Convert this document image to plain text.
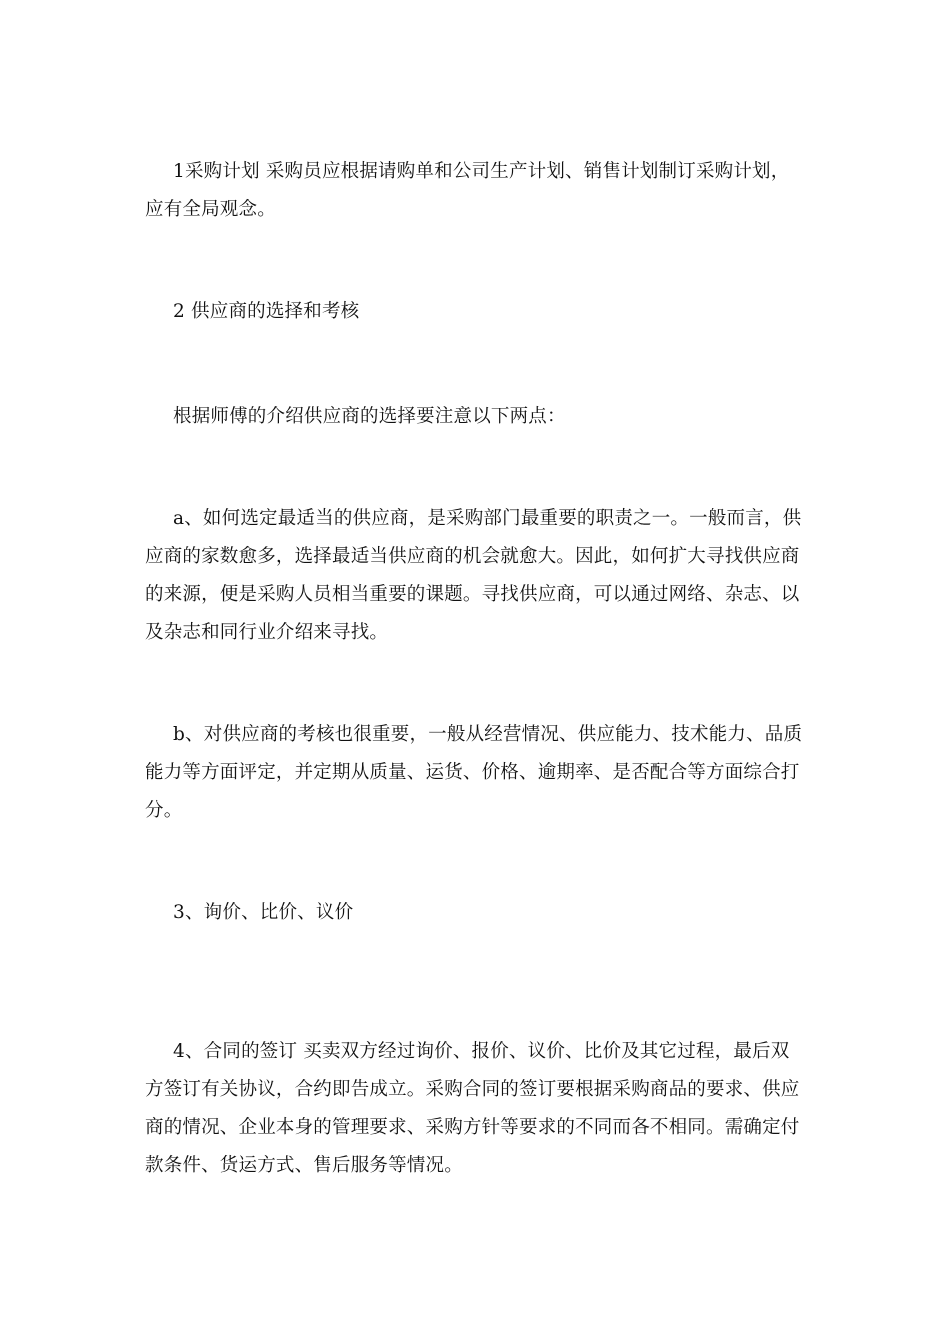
1采购计划 采购员应根据请购单和公司生产计划、销售计划制订采购计划，应有全局观念。

2 供应商的选择和考核

根据师傅的介绍供应商的选择要注意以下两点：

a、如何选定最适当的供应商，是采购部门最重要的职责之一。一般而言，供应商的家数愈多，选择最适当供应商的机会就愈大。因此，如何扩大寻找供应商的来源，便是采购人员相当重要的课题。寻找供应商，可以通过网络、杂志、以及杂志和同行业介绍来寻找。

b、对供应商的考核也很重要，一般从经营情况、供应能力、技术能力、品质能力等方面评定，并定期从质量、运货、价格、逾期率、是否配合等方面综合打分。

3、询价、比价、议价

4、合同的签订 买卖双方经过询价、报价、议价、比价及其它过程，最后双方签订有关协议，合约即告成立。采购合同的签订要根据采购商品的要求、供应商的情况、企业本身的管理要求、采购方针等要求的不同而各不相同。需确定付款条件、货运方式、售后服务等情况。
